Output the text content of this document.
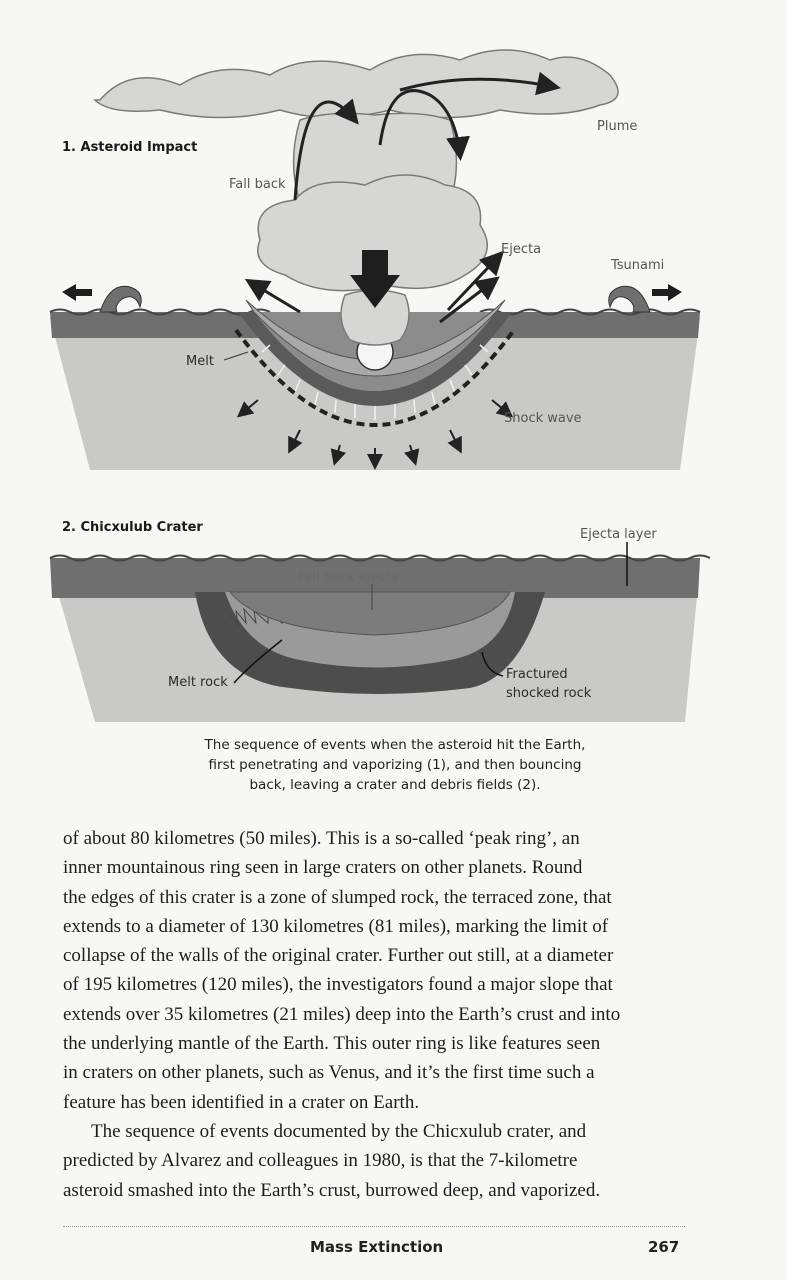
1. Asteroid Impact
Plume
Fall back
Ejecta
Tsunami
Melt
Shock wave
2. Chicxulub Crater	Ejecta layer
Fall back ejecta
Melt rock
Fractured
shocked rock
The sequence of events when the asteroid hit the Earth,
first penetrating and vaporizing (1), and then bouncing
back, leaving a crater and debris fields (2).

of about 80 kilometres (50 miles). This is a so-called ‘peak ring’, an
inner mountainous ring seen in large craters on other planets. Round
the edges of this crater is a zone of slumped rock, the terraced zone, that
extends to a diameter of 130 kilometres (81 miles), marking the limit of
collapse of the walls of the original crater. Further out still, at a diameter
of 195 kilometres (120 miles), the investigators found a major slope that
extends over 35 kilometres (21 miles) deep into the Earth’s crust and into
the underlying mantle of the Earth. This outer ring is like features seen
in craters on other planets, such as Venus, and it’s the first time such a
feature has been identified in a crater on Earth.

The sequence of events documented by the Chicxulub crater, and
predicted by Alvarez and colleagues in 1980, is that the 7-kilometre
asteroid smashed into the Earth’s crust, burrowed deep, and vaporized.

Mass Extinction	267
